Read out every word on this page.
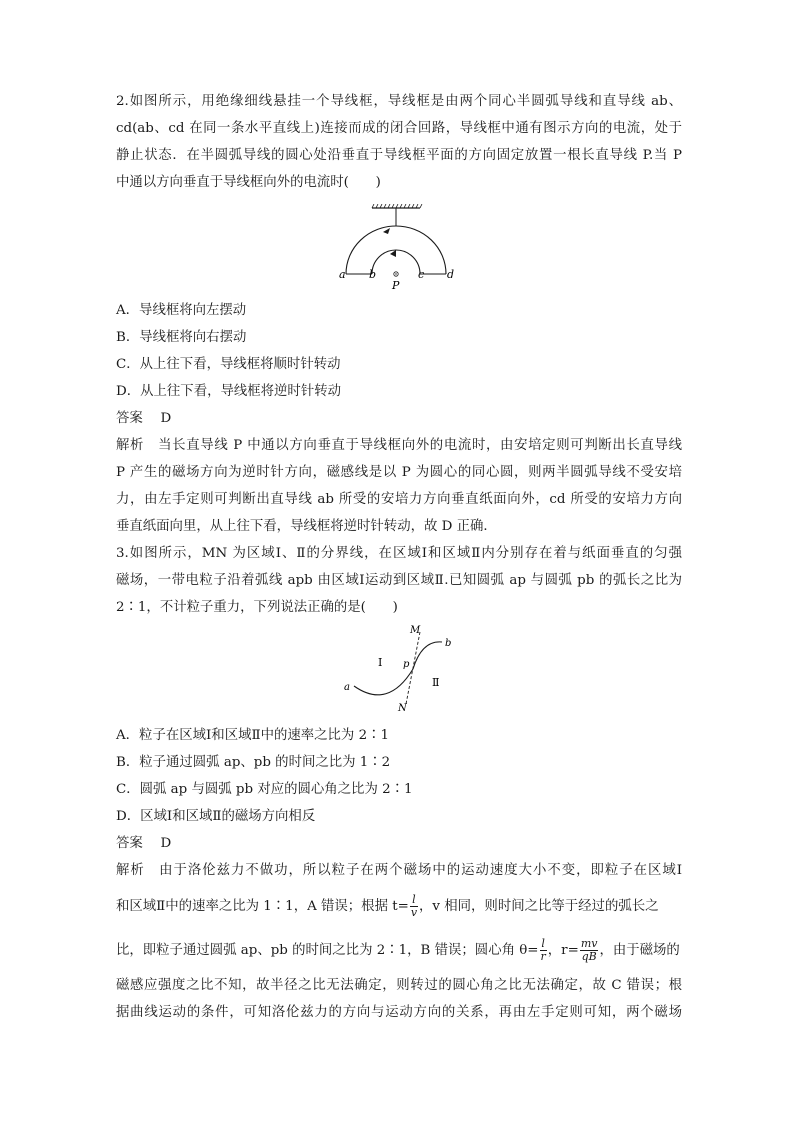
2.如图所示，用绝缘细线悬挂一个导线框，导线框是由两个同心半圆弧导线和直导线 ab、
cd(ab、cd 在同一条水平直线上)连接而成的闭合回路，导线框中通有图示方向的电流，处于
静止状态．在半圆弧导线的圆心处沿垂直于导线框平面的方向固定放置一根长直导线 P.当 P
中通以方向垂直于导线框向外的电流时(　　)
a b	c d
P
A．导线框将向左摆动
B．导线框将向右摆动
C．从上往下看，导线框将顺时针转动
D．从上往下看，导线框将逆时针转动
答案　 D
解析　 当长直导线 P 中通以方向垂直于导线框向外的电流时，由安培定则可判断出长直导线
P 产生的磁场方向为逆时针方向，磁感线是以 P 为圆心的同心圆，则两半圆弧导线不受安培
力，由左手定则可判断出直导线 ab 所受的安培力方向垂直纸面向外，cd 所受的安培力方向
垂直纸面向里，从上往下看，导线框将逆时针转动，故 D 正确．
3.如图所示，MN 为区域Ⅰ、Ⅱ的分界线，在区域Ⅰ和区域Ⅱ内分别存在着与纸面垂直的匀强
磁场，一带电粒子沿着弧线 apb 由区域Ⅰ运动到区域Ⅱ.已知圆弧 ap 与圆弧 pb 的弧长之比为
2∶1，不计粒子重力，下列说法正确的是(　　)
M
N
p
a
b
Ⅰ
Ⅱ
A．粒子在区域Ⅰ和区域Ⅱ中的速率之比为 2∶1
B．粒子通过圆弧 ap、pb 的时间之比为 1∶2
C．圆弧 ap 与圆弧 pb 对应的圆心角之比为 2∶1
D．区域Ⅰ和区域Ⅱ的磁场方向相反
答案　 D
解析　 由于洛伦兹力不做功，所以粒子在两个磁场中的运动速度大小不变，即粒子在区域Ⅰ
和区域Ⅱ中的速率之比为 1∶1，A 错误；根据 $t= \frac{l}{v}$ ，v 相同，则时间之比等于经过的弧长之
比，即粒子通过圆弧 ap、pb 的时间之比为 2∶1，B 错误；圆心角 $\theta= \frac{l}{r}$ ，$r= \frac{mv}{qB}$ ，由于磁场的
磁感应强度之比不知，故半径之比无法确定，则转过的圆心角之比无法确定，故 C 错误；根
据曲线运动的条件，可知洛伦兹力的方向与运动方向的关系，再由左手定则可知，两个磁场
